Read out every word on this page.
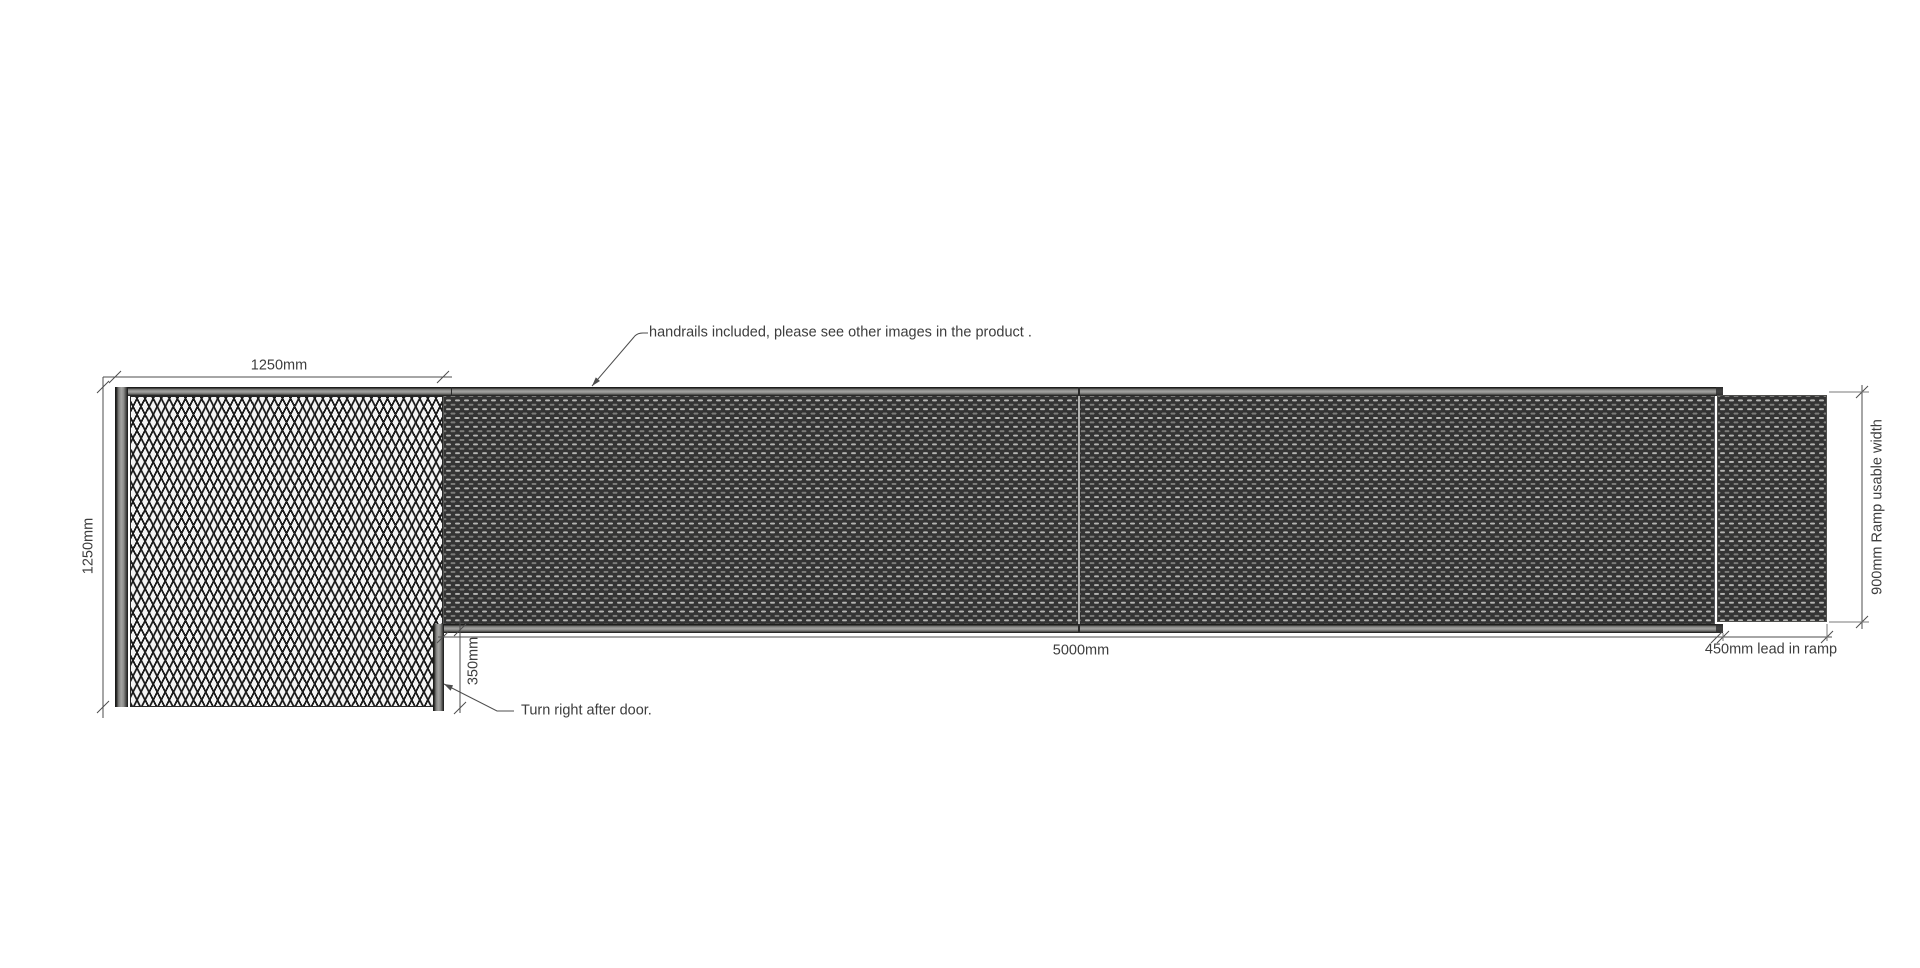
1250mm
1250mm
350mm	5000mm	450mm lead in ramp
900mm Ramp usable width
handrails included, please see other images in the product .
Turn right after door.
